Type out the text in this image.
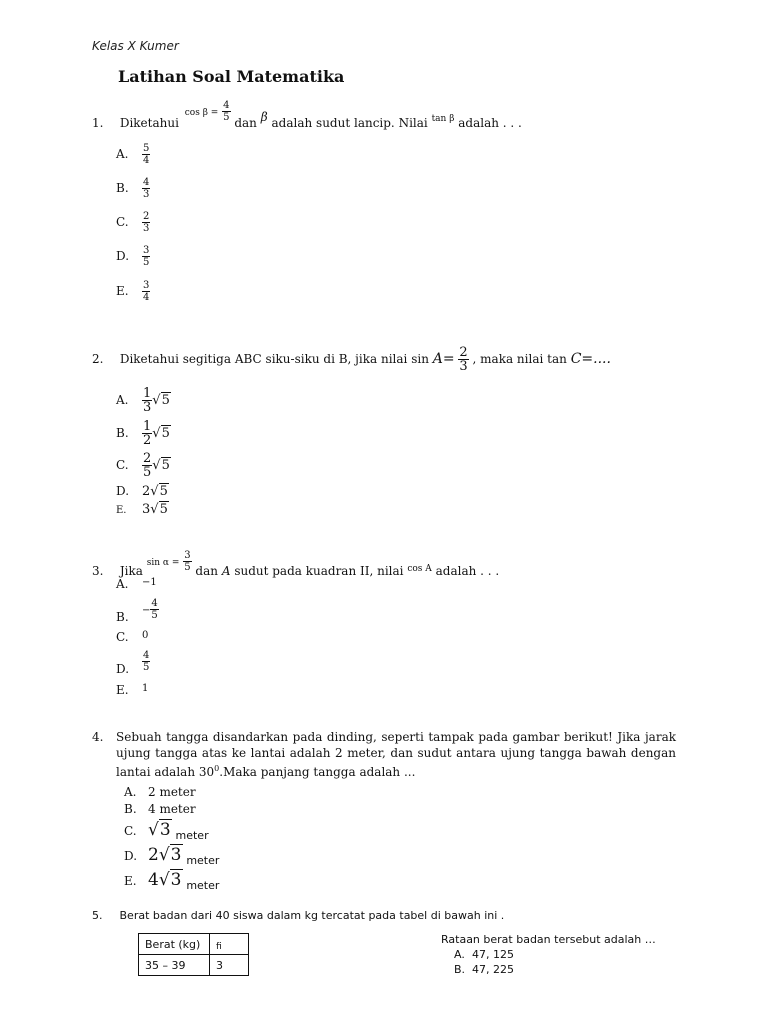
Kelas X Kumer
Latihan Soal Matematika
1. Diketahui $\cos \beta = \frac{4}{5}$ dan β adalah sudut lancip. Nilai $^{tan \beta}$ adalah . . .
A. $\frac{5}{4}$
B. $\frac{4}{3}$
C. $\frac{2}{3}$
D. $\frac{3}{5}$
E. $\frac{3}{4}$
2. Diketahui segitiga ABC siku-siku di B, jika nilai $\sin A= \frac{2}{3}$ , maka nilai tan C=....
A. $\frac{1}{3} √5$
B. $\frac{1}{2} √5$
C. $\frac{2}{5} √5$
D. 2√5
E. 3√5
3. Jika $\sin \alpha = \frac{3}{5}$ dan A sudut pada kuadran II, nilai $^{cos A}$ adalah . . .
A. $^{-1}$
B. − $\frac{4}{5}$
C. $^0$
D. $\frac{4}{5}$
E. $^1$
4. Sebuah tangga disandarkan pada dinding, seperti tampak pada gambar berikut! Jika jarak ujung tangga atas ke lantai adalah 2 meter, dan sudut antara ujung tangga bawah dengan lantai adalah $30^0.Maka$ panjang tangga adalah ...
A. 2 meter
B. 4 meter
C. √3 meter
D. 2√3 meter
E. 4√3 meter
5. Berat badan dari 40 siswa dalam kg tercatat pada tabel di bawah ini .
Berat (kg)	fi
35 – 39	3
Rataan berat badan tersebut adalah …
A. 47, 125
B. 47, 225
